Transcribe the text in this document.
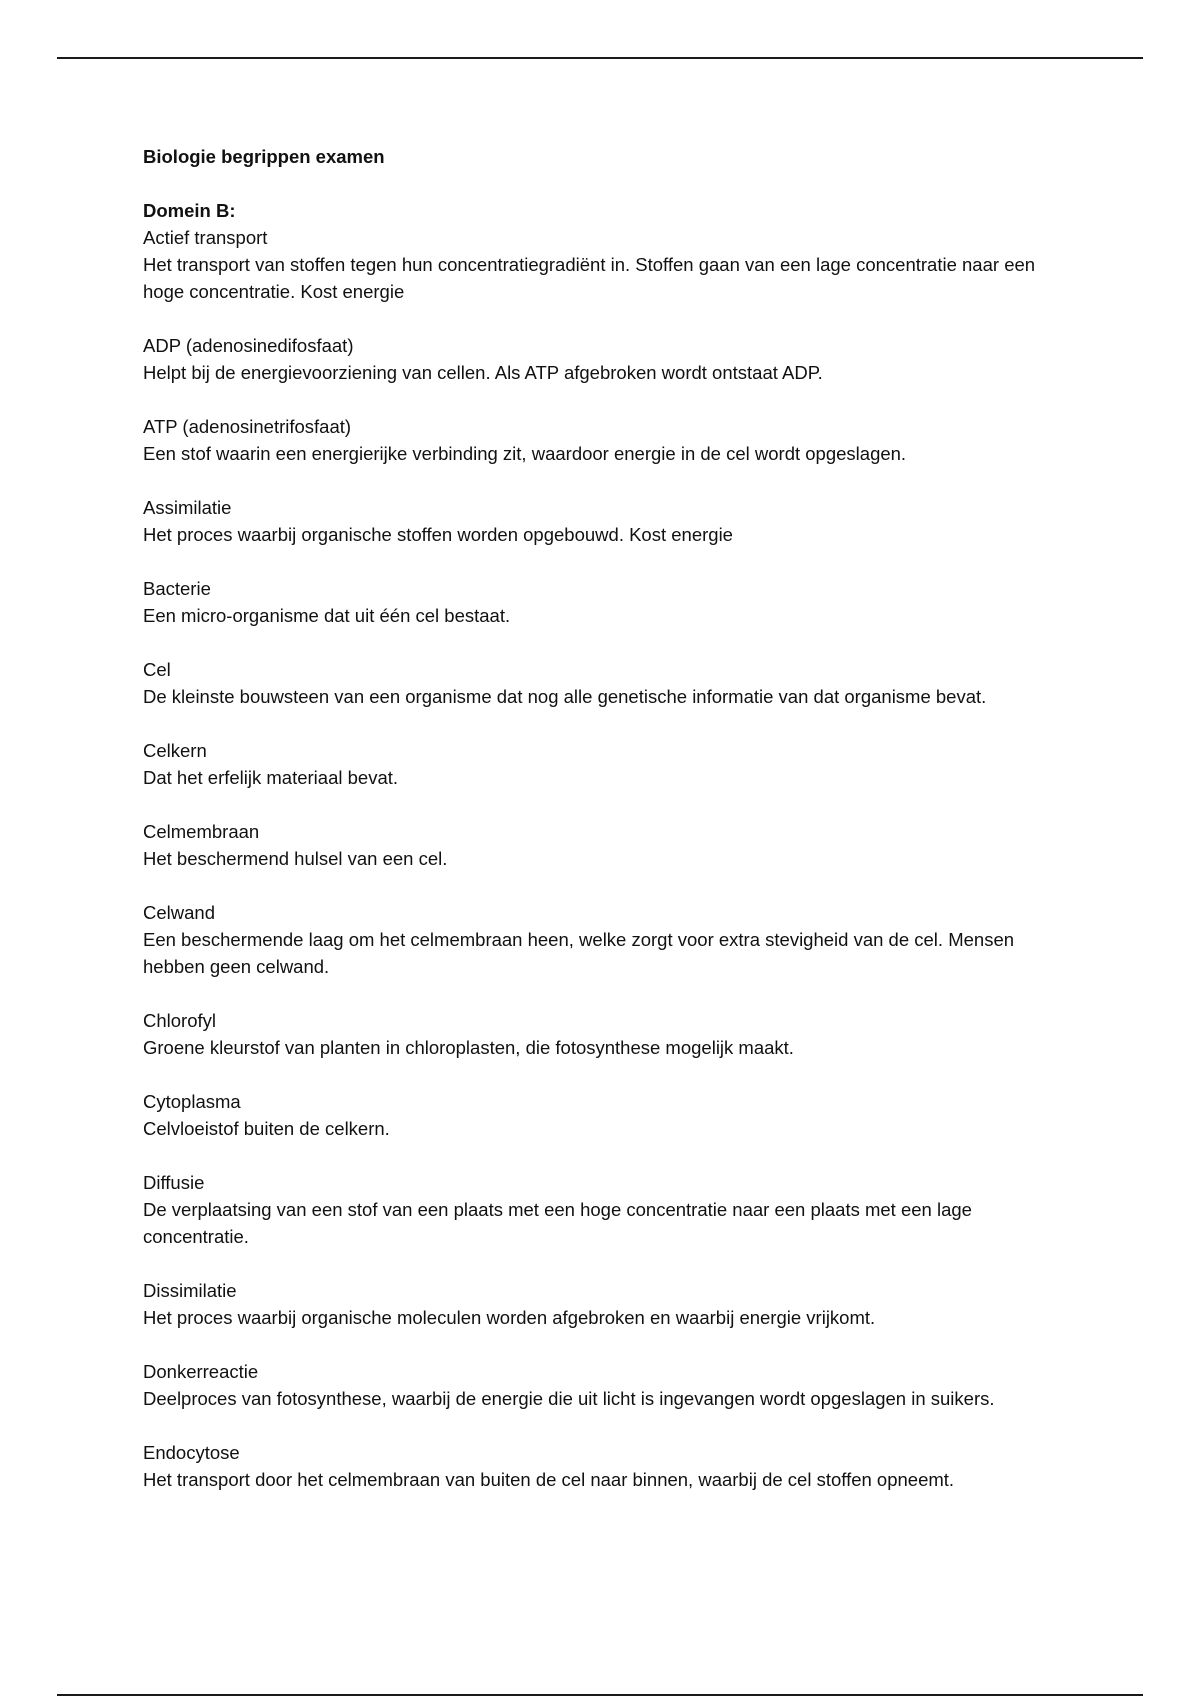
Biologie begrippen examen

Domein B:

Actief transport

Het transport van stoffen tegen hun concentratiegradiënt in. Stoffen gaan van een lage concentratie naar een hoge concentratie. Kost energie

ADP (adenosinedifosfaat)

Helpt bij de energievoorziening van cellen. Als ATP afgebroken wordt ontstaat ADP.

ATP (adenosinetrifosfaat)

Een stof waarin een energierijke verbinding zit, waardoor energie in de cel wordt opgeslagen.

Assimilatie

Het proces waarbij organische stoffen worden opgebouwd. Kost energie

Bacterie

Een micro-organisme dat uit één cel bestaat.

Cel

De kleinste bouwsteen van een organisme dat nog alle genetische informatie van dat organisme bevat.

Celkern

Dat het erfelijk materiaal bevat.

Celmembraan

Het beschermend hulsel van een cel.

Celwand

Een beschermende laag om het celmembraan heen, welke zorgt voor extra stevigheid van de cel. Mensen hebben geen celwand.

Chlorofyl

Groene kleurstof van planten in chloroplasten, die fotosynthese mogelijk maakt.

Cytoplasma

Celvloeistof buiten de celkern.

Diffusie

De verplaatsing van een stof van een plaats met een hoge concentratie naar een plaats met een lage concentratie.

Dissimilatie

Het proces waarbij organische moleculen worden afgebroken en waarbij energie vrijkomt.

Donkerreactie

Deelproces van fotosynthese, waarbij de energie die uit licht is ingevangen wordt opgeslagen in suikers.

Endocytose

Het transport door het celmembraan van buiten de cel naar binnen, waarbij de cel stoffen opneemt.
